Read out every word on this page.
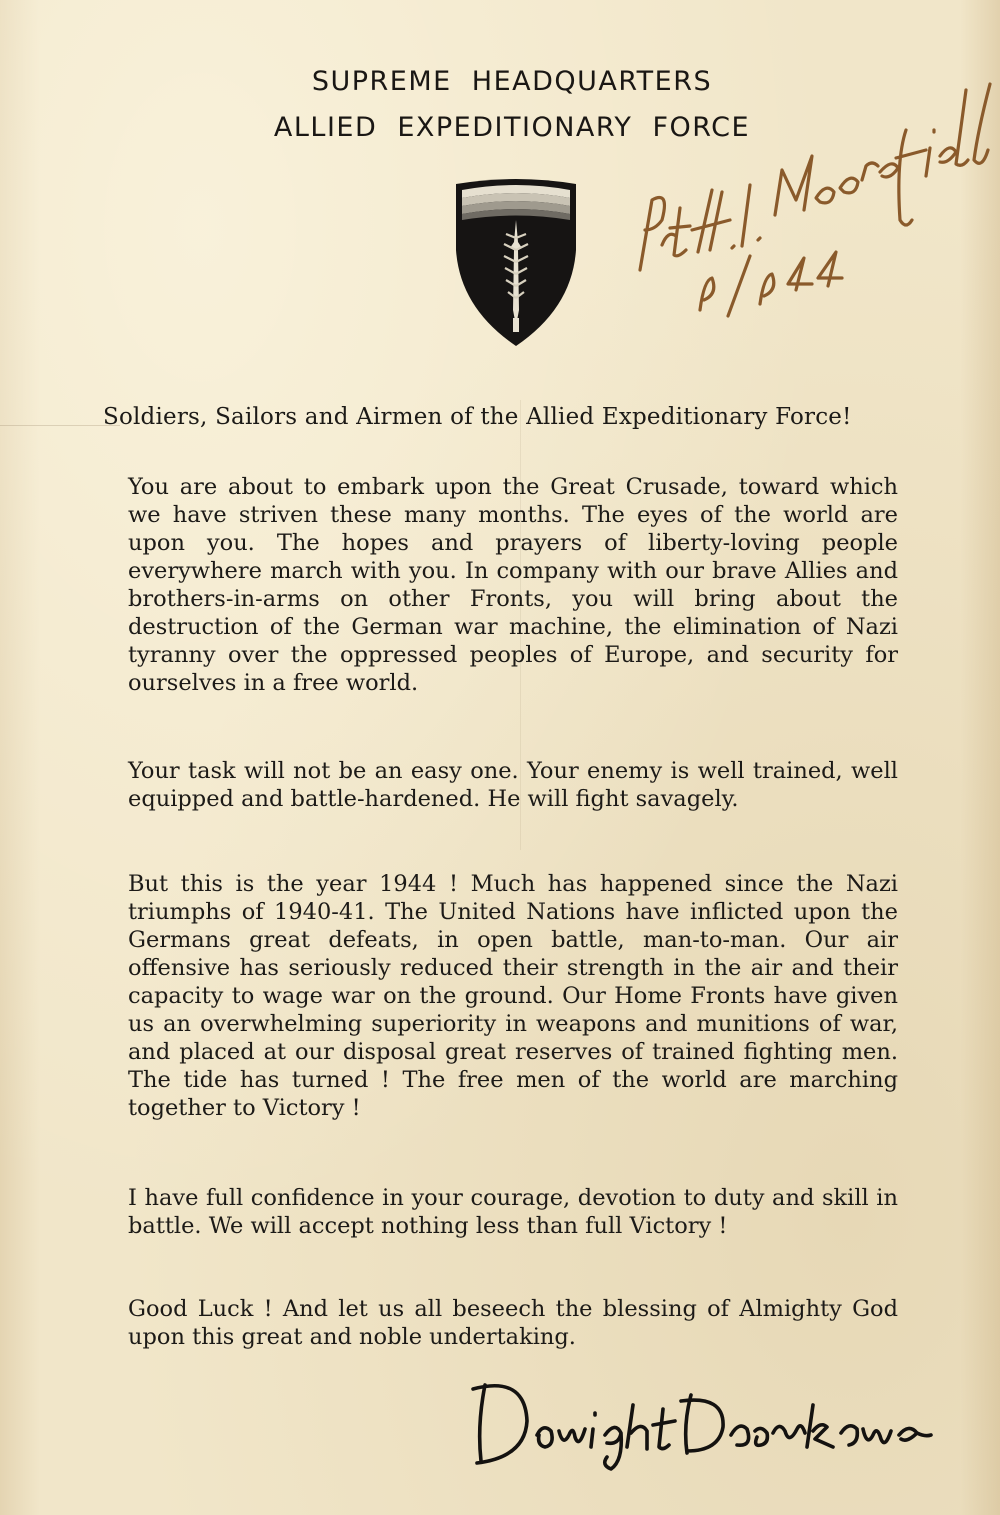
SUPREME HEADQUARTERS
ALLIED EXPEDITIONARY FORCE
Soldiers, Sailors and Airmen of the Allied Expeditionary Force!
You are about to embark upon the Great Crusade, toward which we have striven these many months. The eyes of the world are upon you. The hopes and prayers of liberty-loving people everywhere march with you. In company with our brave Allies and brothers-in-arms on other Fronts, you will bring about the destruction of the German war machine, the elimination of Nazi tyranny over the oppressed peoples of Europe, and security for ourselves in a free world.
Your task will not be an easy one. Your enemy is well trained, well equipped and battle-hardened. He will fight savagely.
But this is the year 1944 ! Much has happened since the Nazi triumphs of 1940-41. The United Nations have inflicted upon the Germans great defeats, in open battle, man-to-man. Our air offensive has seriously reduced their strength in the air and their capacity to wage war on the ground. Our Home Fronts have given us an overwhelming superiority in weapons and munitions of war, and placed at our disposal great reserves of trained fighting men. The tide has turned ! The free men of the world are marching together to Victory !
I have full confidence in your courage, devotion to duty and skill in battle. We will accept nothing less than full Victory !
Good Luck ! And let us all beseech the blessing of Almighty God upon this great and noble undertaking.
